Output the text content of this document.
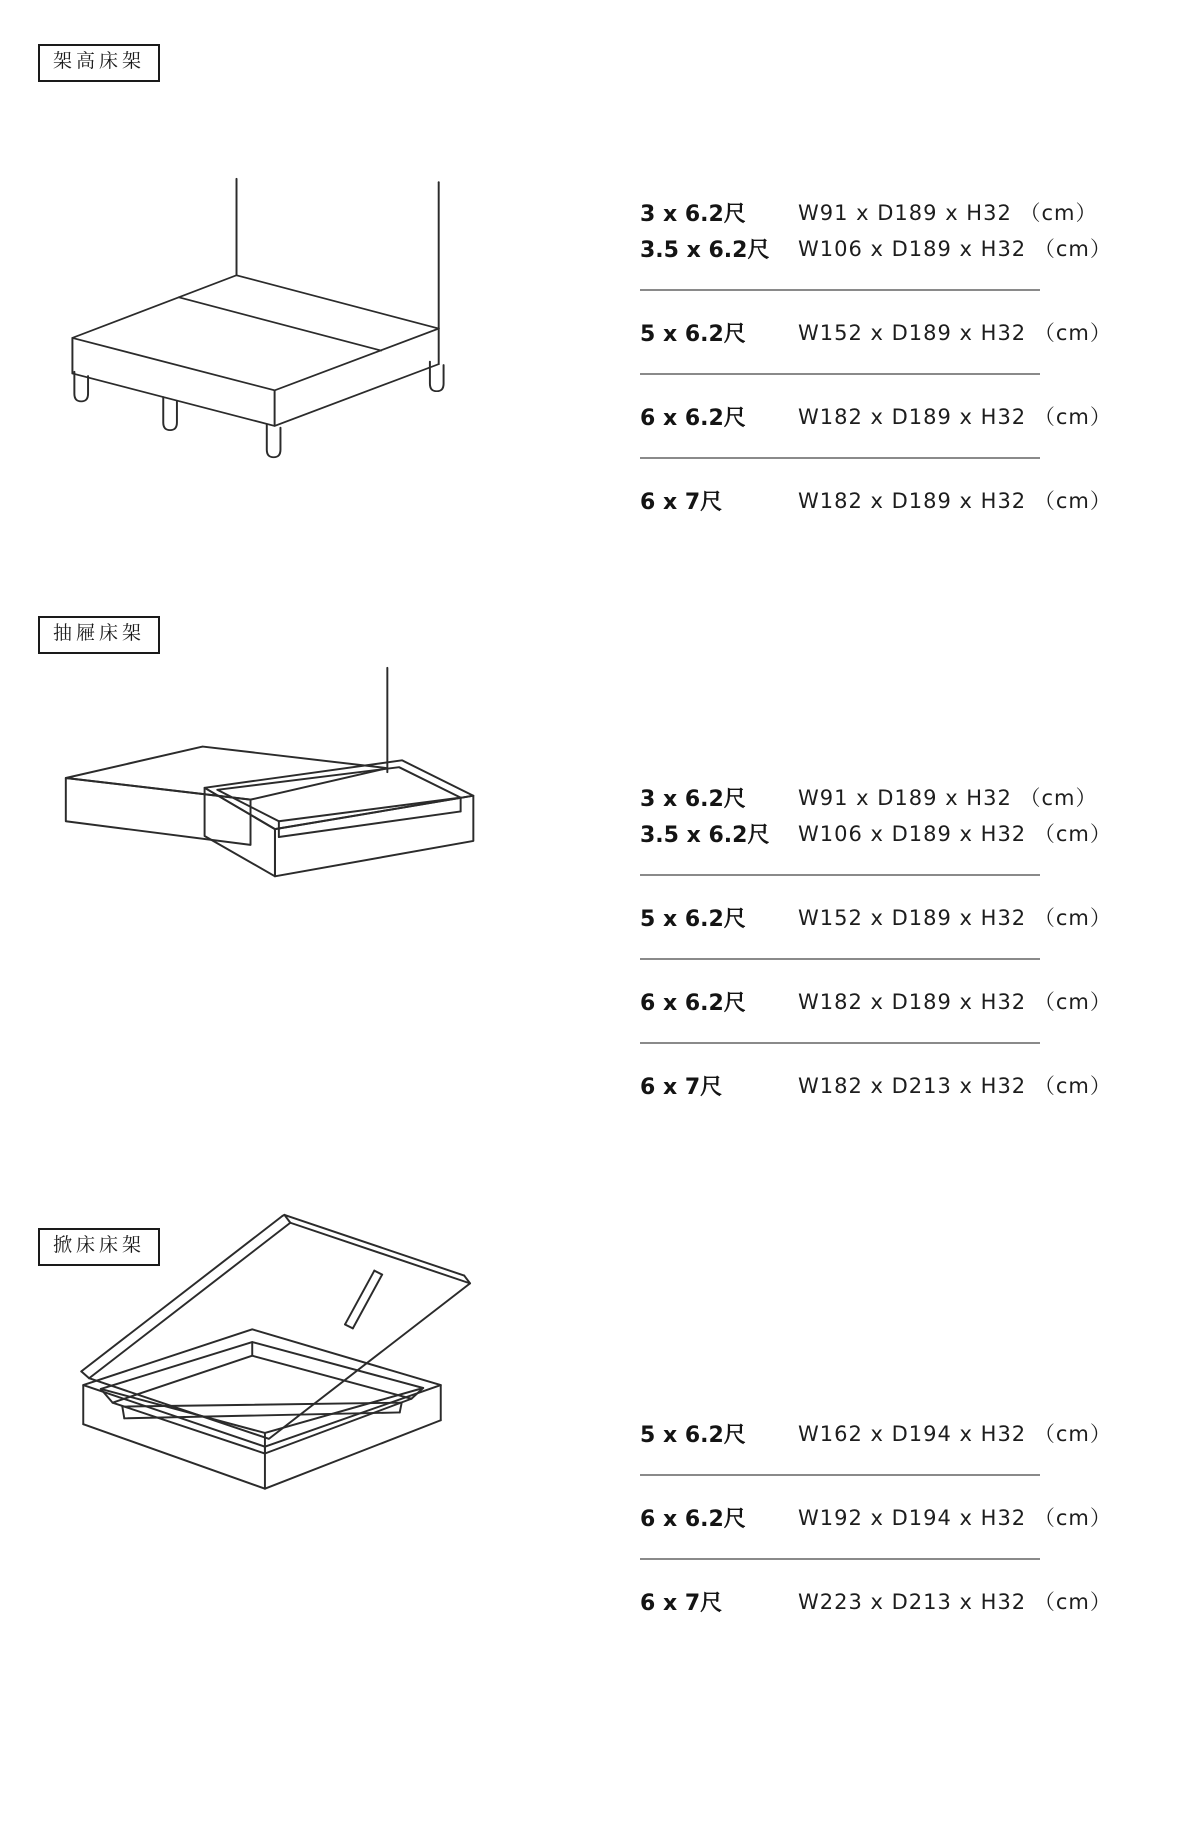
架高床架
3 x 6.2尺	W91 x D189 x H32 （cm）
3.5 x 6.2尺	W106 x D189 x H32 （cm）
5 x 6.2尺	W152 x D189 x H32 （cm）
6 x 6.2尺	W182 x D189 x H32 （cm）
6 x 7尺	W182 x D189 x H32 （cm）
抽屜床架
3 x 6.2尺	W91 x D189 x H32 （cm）
3.5 x 6.2尺	W106 x D189 x H32 （cm）
5 x 6.2尺	W152 x D189 x H32 （cm）
6 x 6.2尺	W182 x D189 x H32 （cm）
6 x 7尺	W182 x D213 x H32 （cm）
掀床床架
5 x 6.2尺	W162 x D194 x H32 （cm）
6 x 6.2尺	W192 x D194 x H32 （cm）
6 x 7尺	W223 x D213 x H32 （cm）
